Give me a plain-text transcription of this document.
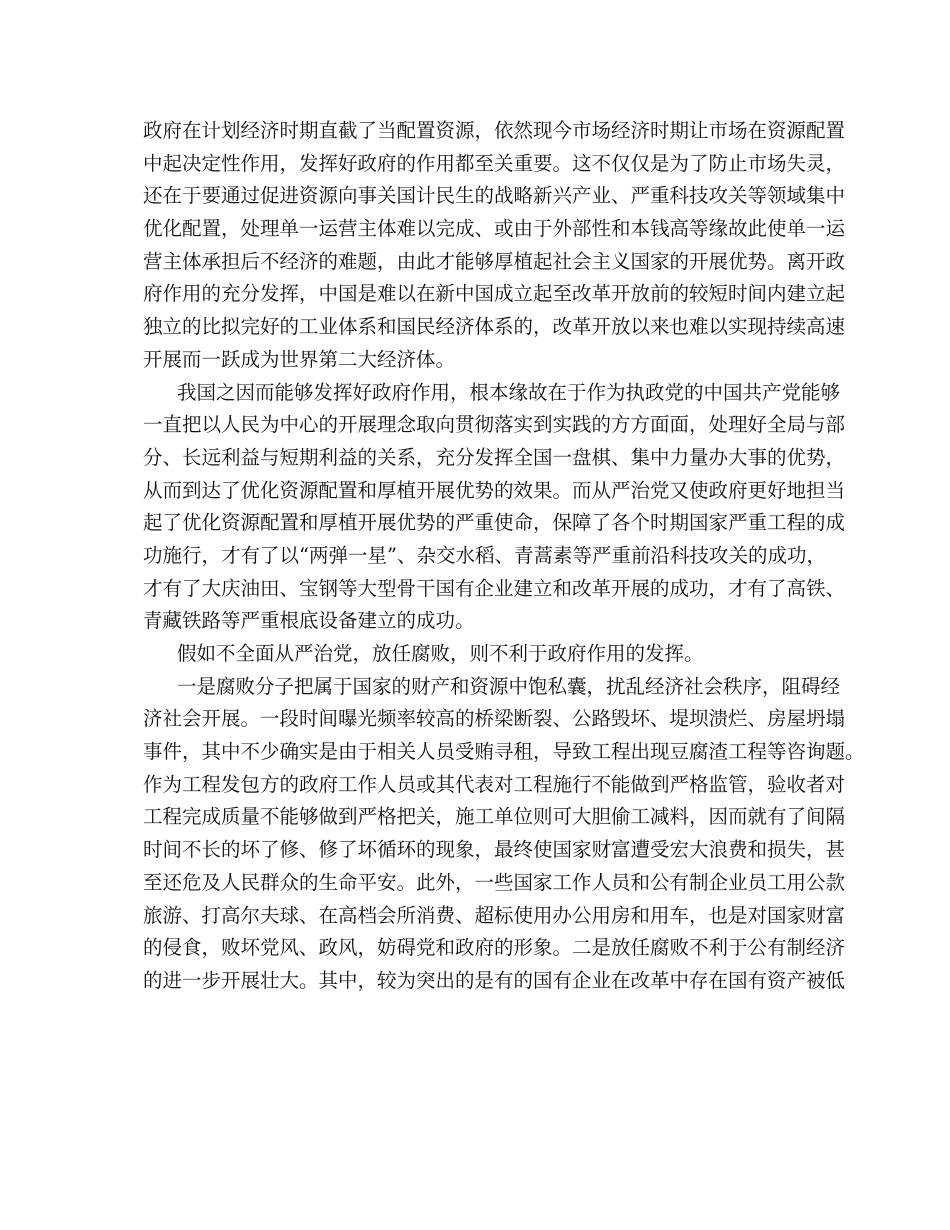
政府在计划经济时期直截了当配置资源，依然现今市场经济时期让市场在资源配置
中起决定性作用，发挥好政府的作用都至关重要。这不仅仅是为了防止市场失灵，
还在于要通过促进资源向事关国计民生的战略新兴产业、严重科技攻关等领域集中
优化配置，处理单一运营主体难以完成、或由于外部性和本钱高等缘故此使单一运
营主体承担后不经济的难题，由此才能够厚植起社会主义国家的开展优势。离开政
府作用的充分发挥，中国是难以在新中国成立起至改革开放前的较短时间内建立起
独立的比拟完好的工业体系和国民经济体系的，改革开放以来也难以实现持续高速
开展而一跃成为世界第二大经济体。
我国之因而能够发挥好政府作用，根本缘故在于作为执政党的中国共产党能够
一直把以人民为中心的开展理念取向贯彻落实到实践的方方面面，处理好全局与部
分、长远利益与短期利益的关系，充分发挥全国一盘棋、集中力量办大事的优势，
从而到达了优化资源配置和厚植开展优势的效果。而从严治党又使政府更好地担当
起了优化资源配置和厚植开展优势的严重使命，保障了各个时期国家严重工程的成
功施行，才有了以“两弹一星”、杂交水稻、青蒿素等严重前沿科技攻关的成功，
才有了大庆油田、宝钢等大型骨干国有企业建立和改革开展的成功，才有了高铁、
青藏铁路等严重根底设备建立的成功。
假如不全面从严治党，放任腐败，则不利于政府作用的发挥。
一是腐败分子把属于国家的财产和资源中饱私囊，扰乱经济社会秩序，阻碍经
济社会开展。一段时间曝光频率较高的桥梁断裂、公路毁坏、堤坝溃烂、房屋坍塌
事件，其中不少确实是由于相关人员受贿寻租，导致工程出现豆腐渣工程等咨询题。
作为工程发包方的政府工作人员或其代表对工程施行不能做到严格监管，验收者对
工程完成质量不能够做到严格把关，施工单位则可大胆偷工减料，因而就有了间隔
时间不长的坏了修、修了坏循环的现象，最终使国家财富遭受宏大浪费和损失，甚
至还危及人民群众的生命平安。此外，一些国家工作人员和公有制企业员工用公款
旅游、打高尔夫球、在高档会所消费、超标使用办公用房和用车，也是对国家财富
的侵食，败坏党风、政风，妨碍党和政府的形象。二是放任腐败不利于公有制经济
的进一步开展壮大。其中，较为突出的是有的国有企业在改革中存在国有资产被低
